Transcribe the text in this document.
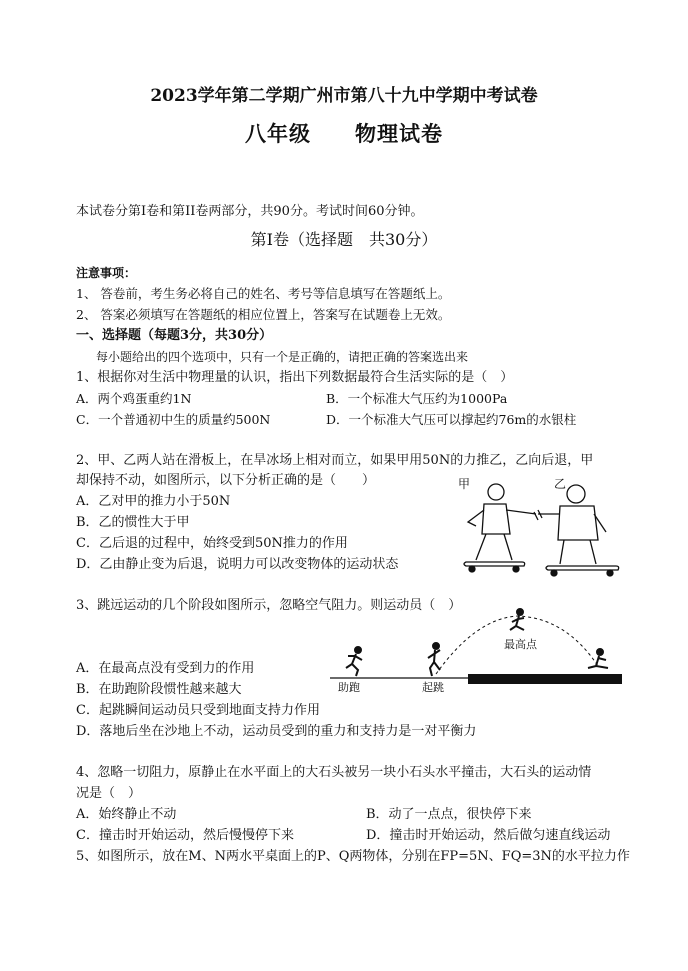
2023学年第二学期广州市第八十九中学期中考试卷
八年级 物理试卷
本试卷分第I卷和第II卷两部分，共90分。考试时间60分钟。
第I卷（选择题　共30分）
注意事项：
1、 答卷前，考生务必将自己的姓名、考号等信息填写在答题纸上。
2、 答案必须填写在答题纸的相应位置上，答案写在试题卷上无效。
一、选择题（每题3分，共30分）
每小题给出的四个选项中，只有一个是正确的，请把正确的答案选出来
1、根据你对生活中物理量的认识，指出下列数据最符合生活实际的是（　）
A．两个鸡蛋重约1N	B．一个标准大气压约为1000Pa
C．一个普通初中生的质量约500N	D．一个标准大气压可以撑起约76m的水银柱
2、甲、乙两人站在滑板上，在旱冰场上相对而立，如果甲用50N的力推乙，乙向后退，甲
却保持不动，如图所示，以下分析正确的是（　　）
A．乙对甲的推力小于50N
B．乙的惯性大于甲
C．乙后退的过程中，始终受到50N推力的作用
D．乙由静止变为后退，说明力可以改变物体的运动状态
甲	乙
3、跳远运动的几个阶段如图所示，忽略空气阻力。则运动员（　）
A．在最高点没有受到力的作用
B．在助跑阶段惯性越来越大
C．起跳瞬间运动员只受到地面支持力作用
D．落地后坐在沙地上不动，运动员受到的重力和支持力是一对平衡力
助跑	起跳
最高点
4、忽略一切阻力，原静止在水平面上的大石头被另一块小石头水平撞击，大石头的运动情
况是（　）
A．始终静止不动	B．动了一点点，很快停下来
C．撞击时开始运动，然后慢慢停下来	D．撞击时开始运动，然后做匀速直线运动
5、如图所示，放在M、N两水平桌面上的P、Q两物体，分别在FP=5N、FQ=3N的水平拉力作
